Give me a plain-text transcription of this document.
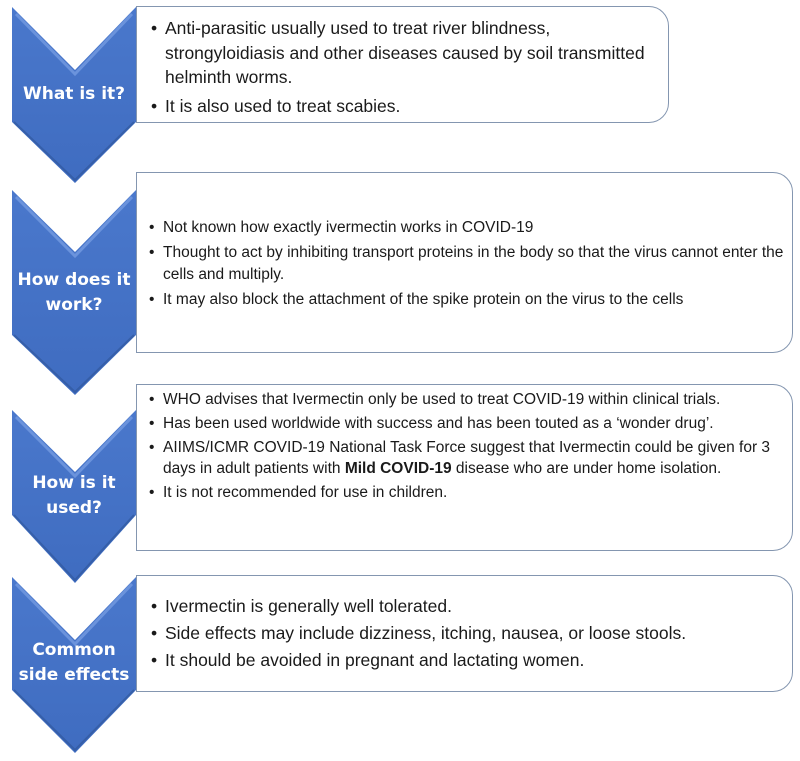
What is it?
How does it
work?
How is it
used?
Common
side effects
• Anti-parasitic usually used to treat river blindness, strongyloidiasis and other diseases caused by soil transmitted helminth worms.
• It is also used to treat scabies.
• Not known how exactly ivermectin works in COVID-19
• Thought to act by inhibiting transport proteins in the body so that the virus cannot enter the cells and multiply.
• It may also block the attachment of the spike protein on the virus to the cells
• WHO advises that Ivermectin only be used to treat COVID-19 within clinical trials.
• Has been used worldwide with success and has been touted as a ‘wonder drug’.
• AIIMS/ICMR COVID-19 National Task Force suggest that Ivermectin could be given for 3 days in adult patients with Mild COVID-19 disease who are under home isolation.
• It is not recommended for use in children.
• Ivermectin is generally well tolerated.
• Side effects may include dizziness, itching, nausea, or loose stools.
• It should be avoided in pregnant and lactating women.
